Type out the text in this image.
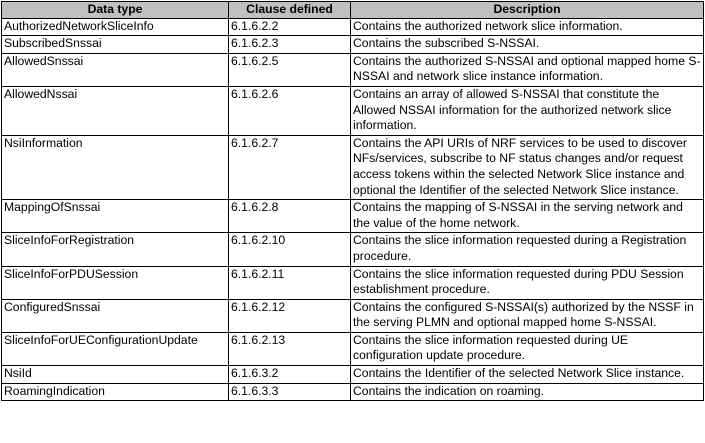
Data type	Clause defined	Description
AuthorizedNetworkSliceInfo	6.1.6.2.2	Contains the authorized network slice information.
SubscribedSnssai	6.1.6.2.3	Contains the subscribed S-NSSAI.
AllowedSnssai	6.1.6.2.5	Contains the authorized S-NSSAI and optional mapped home S-NSSAI and network slice instance information.
AllowedNssai	6.1.6.2.6	Contains an array of allowed S-NSSAI that constitute the Allowed NSSAI information for the authorized network slice information.
NsiInformation	6.1.6.2.7	Contains the API URIs of NRF services to be used to discover NFs/services, subscribe to NF status changes and/or request access tokens within the selected Network Slice instance and optional the Identifier of the selected Network Slice instance.
MappingOfSnssai	6.1.6.2.8	Contains the mapping of S-NSSAI in the serving network and the value of the home network.
SliceInfoForRegistration	6.1.6.2.10	Contains the slice information requested during a Registration procedure.
SliceInfoForPDUSession	6.1.6.2.11	Contains the slice information requested during PDU Session establishment procedure.
ConfiguredSnssai	6.1.6.2.12	Contains the configured S-NSSAI(s) authorized by the NSSF in the serving PLMN and optional mapped home S-NSSAI.
SliceInfoForUEConfigurationUpdate	6.1.6.2.13	Contains the slice information requested during UE configuration update procedure.
NsiId	6.1.6.3.2	Contains the Identifier of the selected Network Slice instance.
RoamingIndication	6.1.6.3.3	Contains the indication on roaming.
